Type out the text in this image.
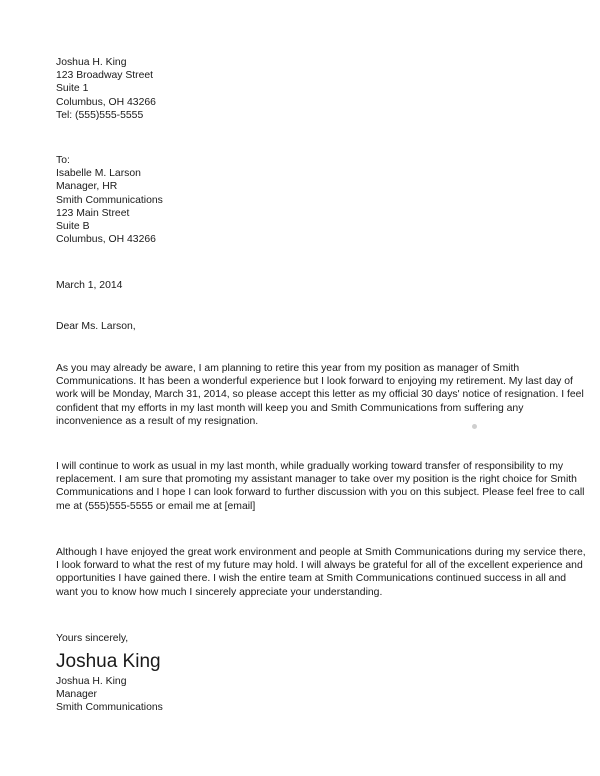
Joshua H. King
123 Broadway Street
Suite 1
Columbus, OH 43266
Tel: (555)555-5555
To:
Isabelle M. Larson
Manager, HR
Smith Communications
123 Main Street
Suite B
Columbus, OH 43266
March 1, 2014
Dear Ms. Larson,
As you may already be aware, I am planning to retire this year from my position as manager of Smith
Communications. It has been a wonderful experience but I look forward to enjoying my retirement. My last day of
work will be Monday, March 31, 2014, so please accept this letter as my official 30 days' notice of resignation. I feel
confident that my efforts in my last month will keep you and Smith Communications from suffering any
inconvenience as a result of my resignation.
I will continue to work as usual in my last month, while gradually working toward transfer of responsibility to my
replacement. I am sure that promoting my assistant manager to take over my position is the right choice for Smith
Communications and I hope I can look forward to further discussion with you on this subject. Please feel free to call
me at (555)555-5555 or email me at [email]
Although I have enjoyed the great work environment and people at Smith Communications during my service there,
I look forward to what the rest of my future may hold. I will always be grateful for all of the excellent experience and
opportunities I have gained there. I wish the entire team at Smith Communications continued success in all and
want you to know how much I sincerely appreciate your understanding.
Yours sincerely,
Joshua King
Joshua H. King
Manager
Smith Communications
